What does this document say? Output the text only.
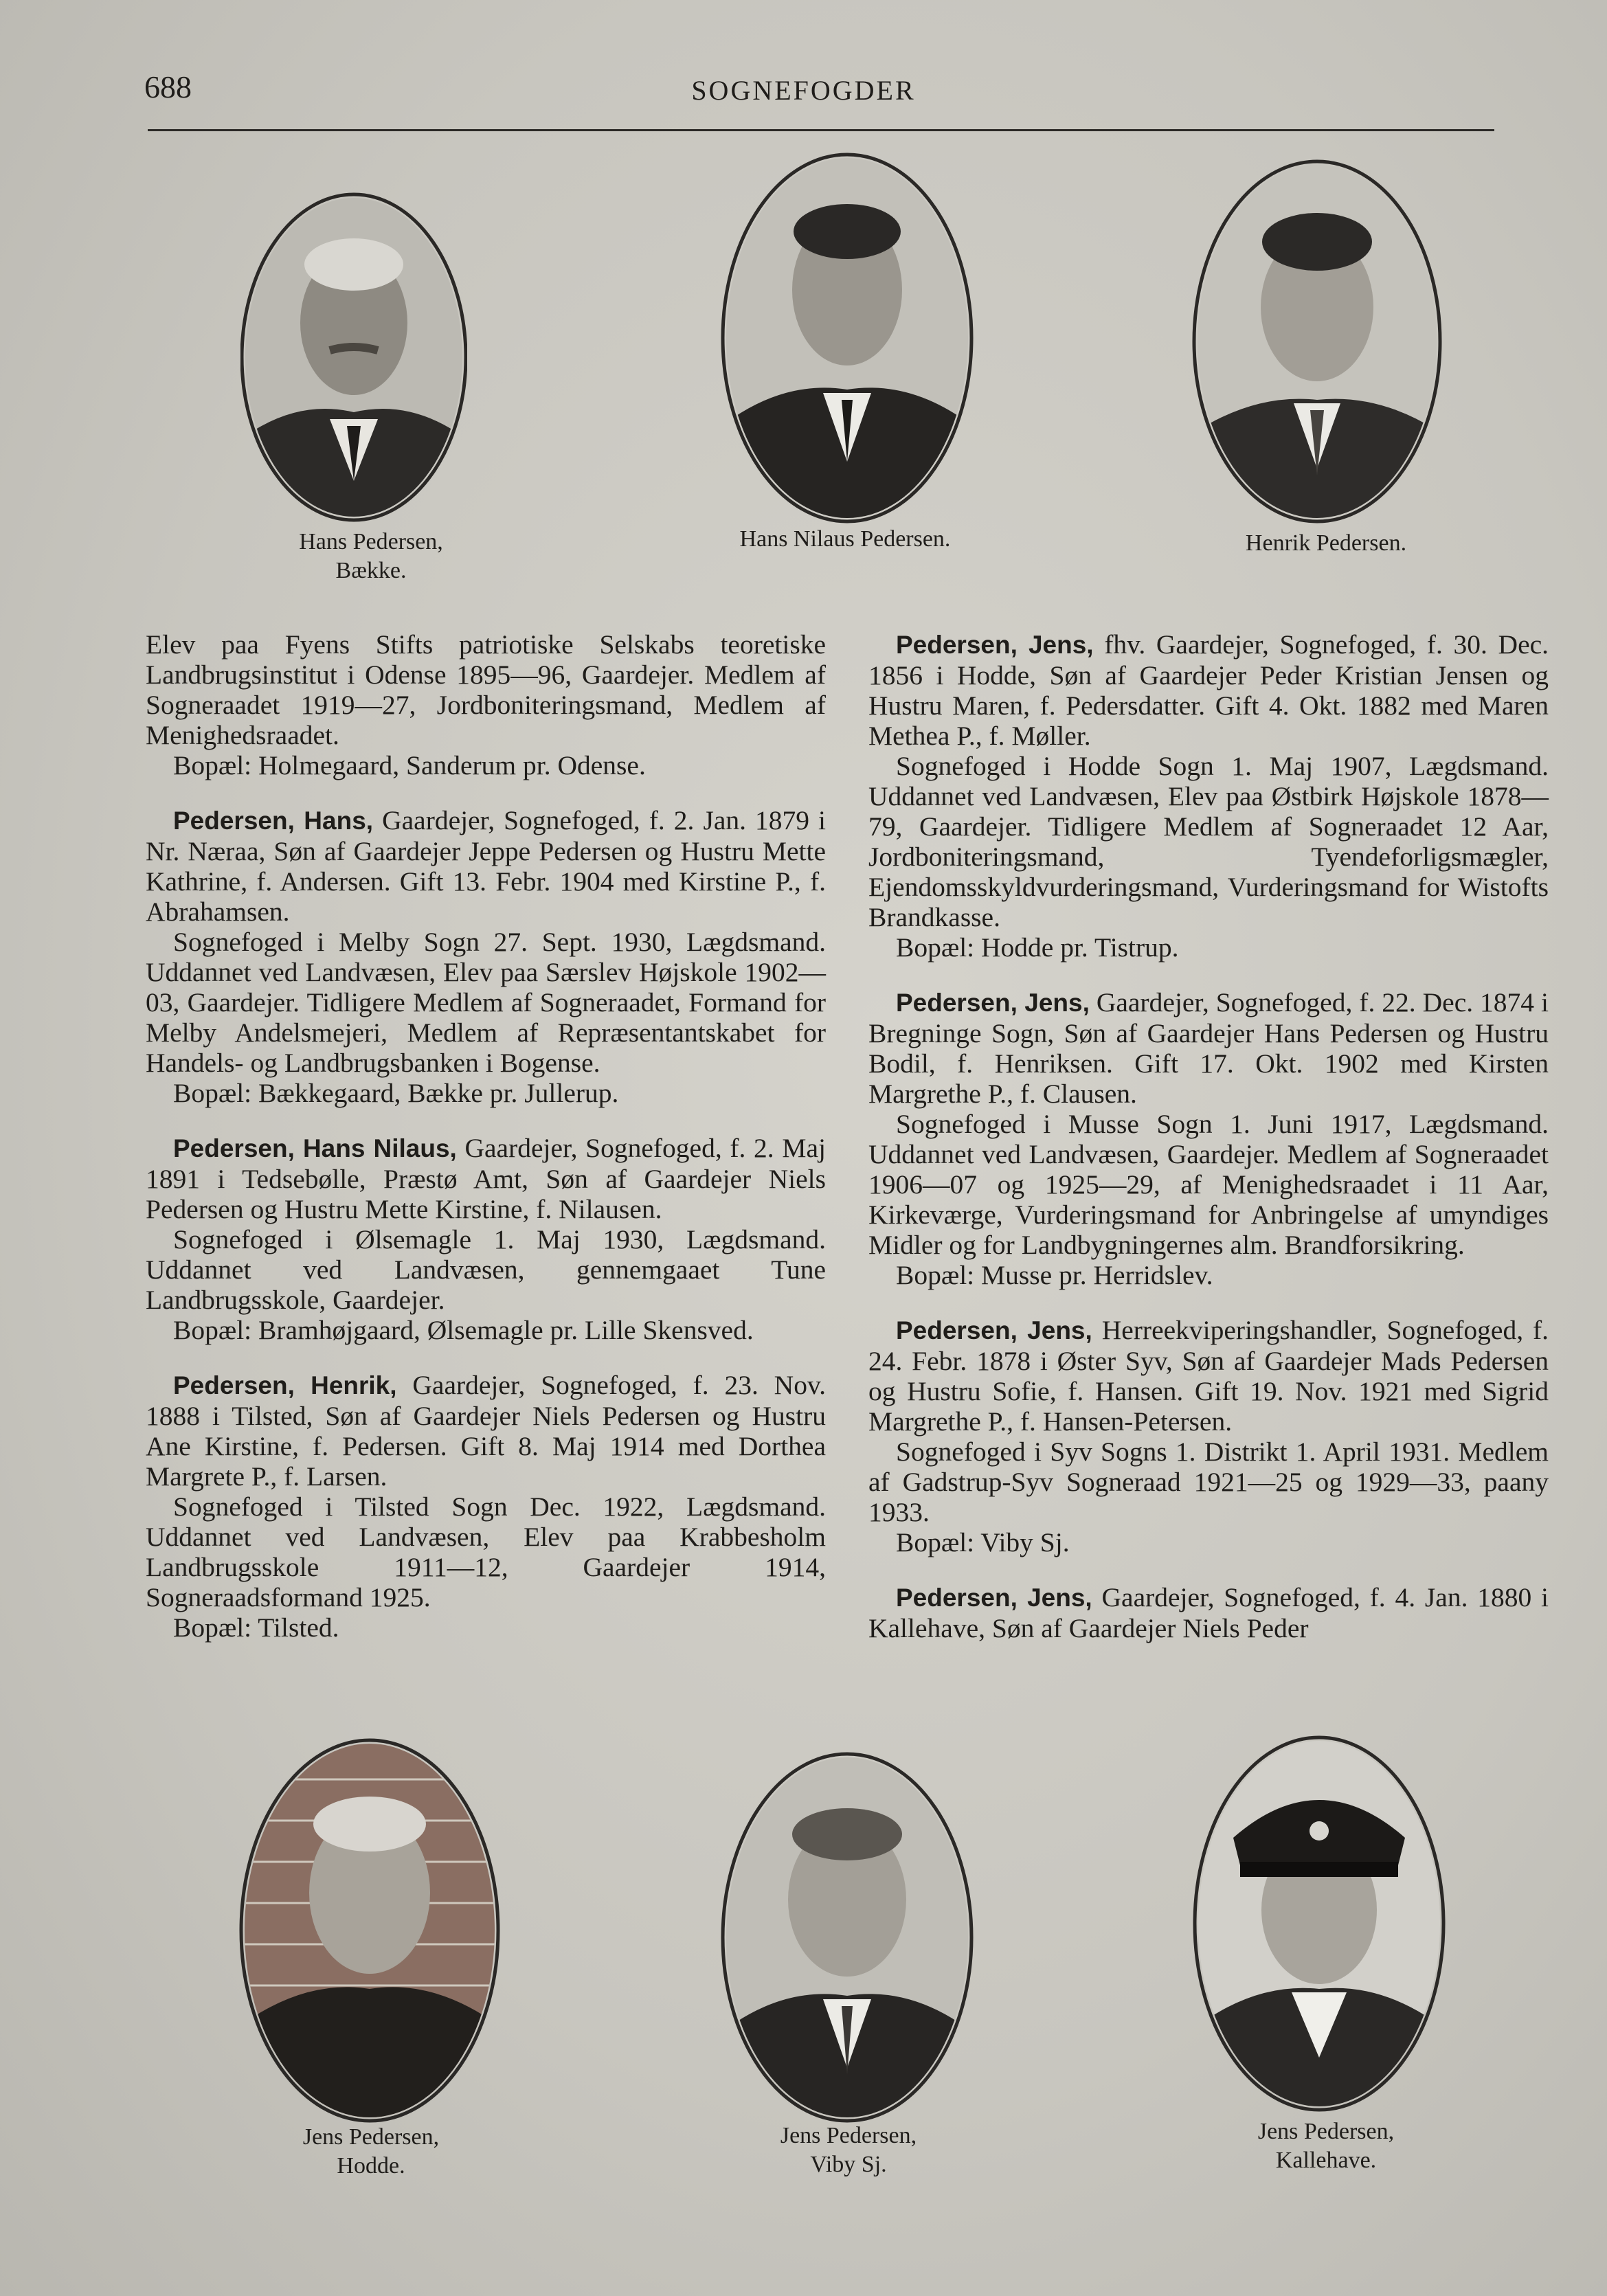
688	SOGNEFOGDER
Hans Pedersen,
Bække.
Hans Nilaus Pedersen.	Henrik Pedersen.

Elev paa Fyens Stifts patriotiske Selskabs teoretiske Landbrugsinstitut i Odense 1895—96, Gaardejer. Medlem af Sogneraadet 1919—27, Jordboniteringsmand, Medlem af Menighedsraadet.

Bopæl: Holmegaard, Sanderum pr. Odense.

Pedersen, Hans, Gaardejer, Sognefoged, f. 2. Jan. 1879 i Nr. Næraa, Søn af Gaardejer Jeppe Pedersen og Hustru Mette Kathrine, f. Andersen. Gift 13. Febr. 1904 med Kirstine P., f. Abrahamsen.

Sognefoged i Melby Sogn 27. Sept. 1930, Lægdsmand. Uddannet ved Landvæsen, Elev paa Særslev Højskole 1902—03, Gaardejer. Tidligere Medlem af Sogneraadet, Formand for Melby Andelsmejeri, Medlem af Repræsentantskabet for Handels- og Landbrugsbanken i Bogense.

Bopæl: Bækkegaard, Bække pr. Jullerup.

Pedersen, Hans Nilaus, Gaardejer, Sognefoged, f. 2. Maj 1891 i Tedsebølle, Præstø Amt, Søn af Gaardejer Niels Pedersen og Hustru Mette Kirstine, f. Nilausen.

Sognefoged i Ølsemagle 1. Maj 1930, Lægdsmand. Uddannet ved Landvæsen, gennemgaaet Tune Landbrugsskole, Gaardejer.

Bopæl: Bramhøjgaard, Ølsemagle pr. Lille Skensved.

Pedersen, Henrik, Gaardejer, Sognefoged, f. 23. Nov. 1888 i Tilsted, Søn af Gaardejer Niels Pedersen og Hustru Ane Kirstine, f. Pedersen. Gift 8. Maj 1914 med Dorthea Margrete P., f. Larsen.

Sognefoged i Tilsted Sogn Dec. 1922, Lægdsmand. Uddannet ved Landvæsen, Elev paa Krabbesholm Landbrugsskole 1911—12, Gaardejer 1914, Sogneraadsformand 1925.

Bopæl: Tilsted.

Pedersen, Jens, fhv. Gaardejer, Sognefoged, f. 30. Dec. 1856 i Hodde, Søn af Gaardejer Peder Kristian Jensen og Hustru Maren, f. Pedersdatter. Gift 4. Okt. 1882 med Maren Methea P., f. Møller.

Sognefoged i Hodde Sogn 1. Maj 1907, Lægdsmand. Uddannet ved Landvæsen, Elev paa Østbirk Højskole 1878—79, Gaardejer. Tidligere Medlem af Sogneraadet 12 Aar, Jordboniteringsmand, Tyendeforligsmægler, Ejendomsskyldvurderingsmand, Vurderingsmand for Wistofts Brandkasse.

Bopæl: Hodde pr. Tistrup.

Pedersen, Jens, Gaardejer, Sognefoged, f. 22. Dec. 1874 i Bregninge Sogn, Søn af Gaardejer Hans Pedersen og Hustru Bodil, f. Henriksen. Gift 17. Okt. 1902 med Kirsten Margrethe P., f. Clausen.

Sognefoged i Musse Sogn 1. Juni 1917, Lægdsmand. Uddannet ved Landvæsen, Gaardejer. Medlem af Sogneraadet 1906—07 og 1925—29, af Menighedsraadet i 11 Aar, Kirkeværge, Vurderingsmand for Anbringelse af umyndiges Midler og for Landbygningernes alm. Brandforsikring.

Bopæl: Musse pr. Herridslev.

Pedersen, Jens, Herreekviperingshandler, Sognefoged, f. 24. Febr. 1878 i Øster Syv, Søn af Gaardejer Mads Pedersen og Hustru Sofie, f. Hansen. Gift 19. Nov. 1921 med Sigrid Margrethe P., f. Hansen-Petersen.

Sognefoged i Syv Sogns 1. Distrikt 1. April 1931. Medlem af Gadstrup-Syv Sogneraad 1921—25 og 1929—33, paany 1933.

Bopæl: Viby Sj.

Pedersen, Jens, Gaardejer, Sognefoged, f. 4. Jan. 1880 i Kallehave, Søn af Gaardejer Niels Peder

Jens Pedersen,
Hodde.
Jens Pedersen,
Viby Sj.
Jens Pedersen,
Kallehave.
